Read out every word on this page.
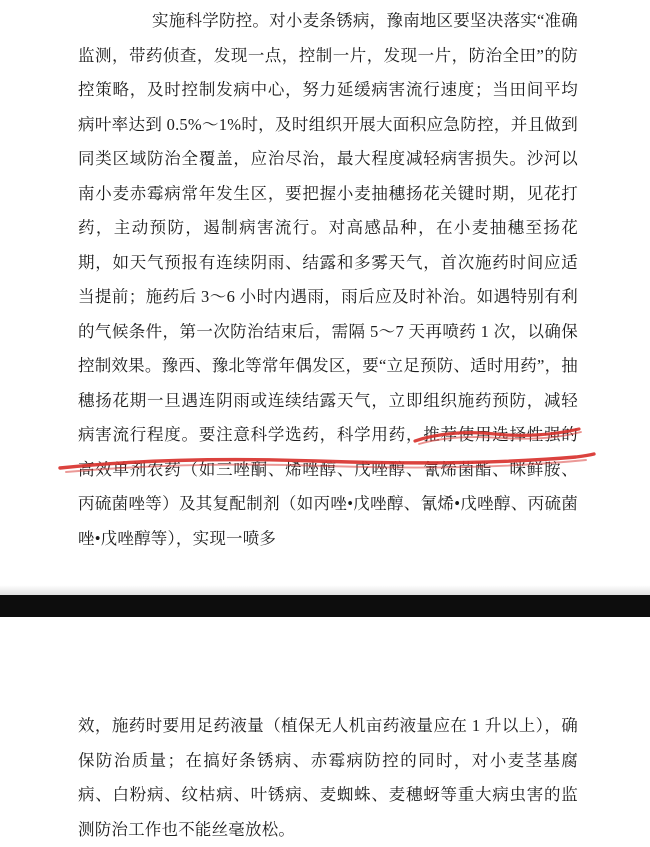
实施科学防控。对小麦条锈病，豫南地区要坚决落实“准确监测，带药侦查，发现一点，控制一片，发现一片，防治全田”的防控策略，及时控制发病中心，努力延缓病害流行速度；当田间平均病叶率达到 0.5%～1%时，及时组织开展大面积应急防控，并且做到同类区域防治全覆盖，应治尽治，最大程度减轻病害损失。沙河以南小麦赤霉病常年发生区，要把握小麦抽穗扬花关键时期，见花打药，主动预防，遏制病害流行。对高感品种，在小麦抽穗至扬花期，如天气预报有连续阴雨、结露和多雾天气，首次施药时间应适当提前；施药后 3～6 小时内遇雨，雨后应及时补治。如遇特别有利的气候条件，第一次防治结束后，需隔 5～7 天再喷药 1 次，以确保控制效果。豫西、豫北等常年偶发区，要“立足预防、适时用药”，抽穗扬花期一旦遇连阴雨或连续结露天气，立即组织施药预防，减轻病害流行程度。要注意科学选药，科学用药，推荐使用选择性强的高效单剂农药（如三唑酮、烯唑醇、戊唑醇、氰烯菌酯、咪鲜胺、丙硫菌唑等）及其复配制剂（如丙唑•戊唑醇、氰烯•戊唑醇、丙硫菌唑•戊唑醇等），实现一喷多

效，施药时要用足药液量（植保无人机亩药液量应在 1 升以上），确保防治质量；在搞好条锈病、赤霉病防控的同时，对小麦茎基腐病、白粉病、纹枯病、叶锈病、麦蜘蛛、麦穗蚜等重大病虫害的监测防治工作也不能丝毫放松。
